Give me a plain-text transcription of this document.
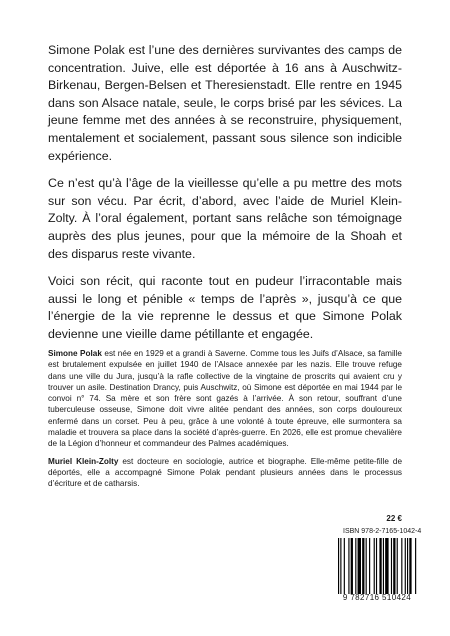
Simone Polak est l’une des dernières survivantes des camps de concentration. Juive, elle est déportée à 16 ans à Auschwitz-Birkenau, Bergen-Belsen et Theresienstadt. Elle rentre en 1945 dans son Alsace natale, seule, le corps brisé par les sévices. La jeune femme met des années à se reconstruire, physiquement, mentalement et socialement, passant sous silence son indicible expérience.

Ce n’est qu’à l’âge de la vieillesse qu’elle a pu mettre des mots sur son vécu. Par écrit, d’abord, avec l’aide de Muriel Klein-Zolty. À l’oral également, portant sans relâche son témoignage auprès des plus jeunes, pour que la mémoire de la Shoah et des disparus reste vivante.

Voici son récit, qui raconte tout en pudeur l’irracontable mais aussi le long et pénible « temps de l’après », jusqu’à ce que l’énergie de la vie reprenne le dessus et que Simone Polak devienne une vieille dame pétillante et engagée.

Simone Polak est née en 1929 et a grandi à Saverne. Comme tous les Juifs d’Alsace, sa famille est brutalement expulsée en juillet 1940 de l’Alsace annexée par les nazis. Elle trouve refuge dans une ville du Jura, jusqu’à la rafle collective de la vingtaine de proscrits qui avaient cru y trouver un asile. Destination Drancy, puis Auschwitz, où Simone est déportée en mai 1944 par le convoi n° 74. Sa mère et son frère sont gazés à l’arrivée. À son retour, souffrant d’une tuberculeuse osseuse, Simone doit vivre alitée pendant des années, son corps douloureux enfermé dans un corset. Peu à peu, grâce à une volonté à toute épreuve, elle surmontera sa maladie et trouvera sa place dans la société d’après-guerre. En 2026, elle est promue chevalière de la Légion d’honneur et commandeur des Palmes académiques.

Muriel Klein-Zolty est docteure en sociologie, autrice et biographe. Elle-même petite-fille de déportés, elle a accompagné Simone Polak pendant plusieurs années dans le processus d’écriture et de catharsis.

22 €
ISBN 978-2-7165-1042-4
9 782716 510424
